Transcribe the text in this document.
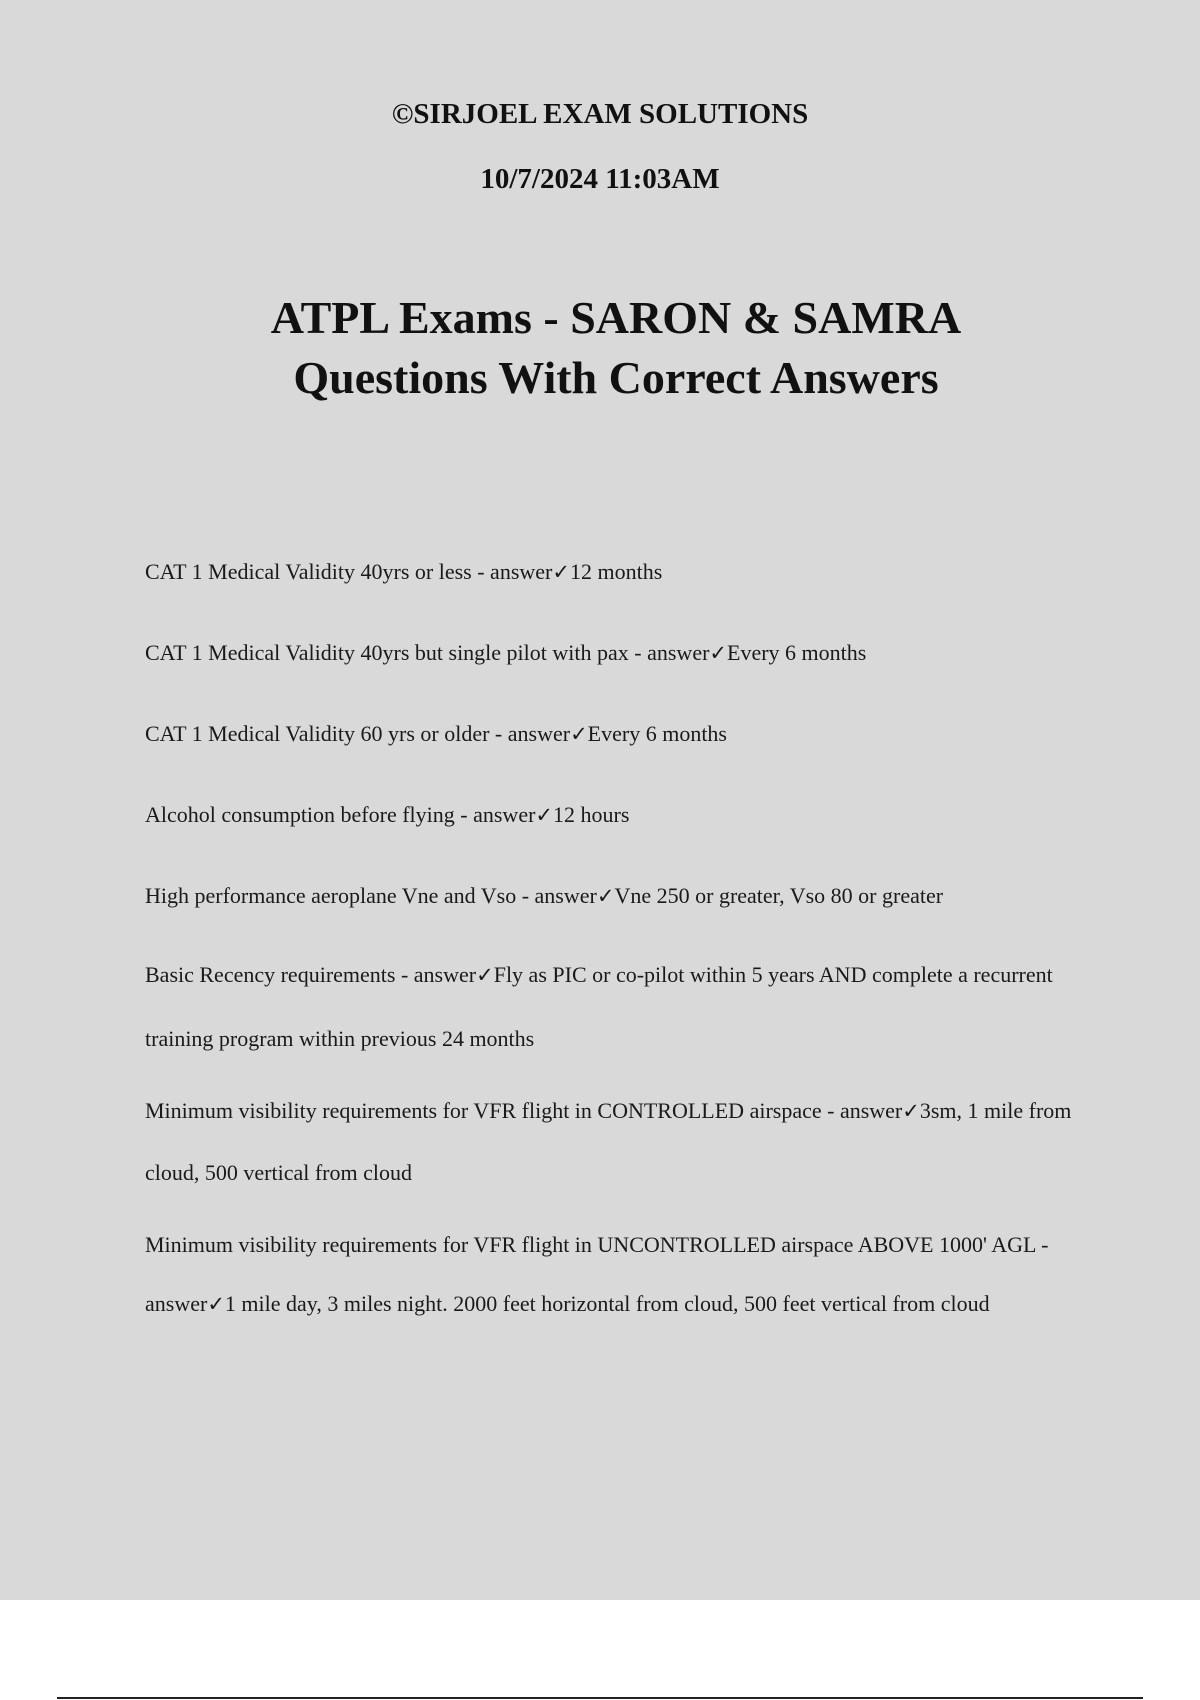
©SIRJOEL EXAM SOLUTIONS
10/7/2024 11:03AM
ATPL Exams - SARON & SAMRA
Questions With Correct Answers

CAT 1 Medical Validity 40yrs or less - answer✓12 months

CAT 1 Medical Validity 40yrs but single pilot with pax - answer✓Every 6 months

CAT 1 Medical Validity 60 yrs or older - answer✓Every 6 months

Alcohol consumption before flying - answer✓12 hours

High performance aeroplane Vne and Vso - answer✓Vne 250 or greater, Vso 80 or greater

Basic Recency requirements - answer✓Fly as PIC or co-pilot within 5 years AND complete a recurrent training program within previous 24 months

Minimum visibility requirements for VFR flight in CONTROLLED airspace - answer✓3sm, 1 mile from cloud, 500 vertical from cloud

Minimum visibility requirements for VFR flight in UNCONTROLLED airspace ABOVE 1000' AGL - answer✓1 mile day, 3 miles night. 2000 feet horizontal from cloud, 500 feet vertical from cloud
